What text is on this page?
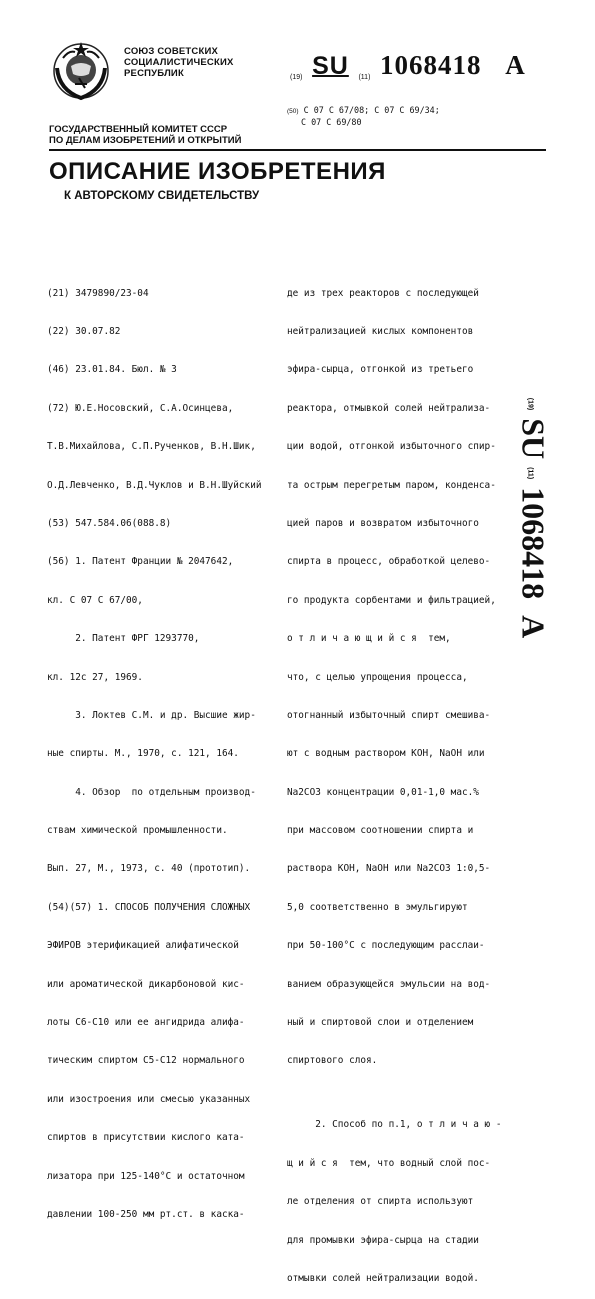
СОЮЗ СОВЕТСКИХ
СОЦИАЛИСТИЧЕСКИХ
РЕСПУБЛИК	(19) SU (11) 1068418 A
(50) С 07 С 67/08; С 07 С 69/34;
С 07 С 69/80
ГОСУДАРСТВЕННЫЙ КОМИТЕТ СССР
ПО ДЕЛАМ ИЗОБРЕТЕНИЙ И ОТКРЫТИЙ
ОПИСАНИЕ ИЗОБРЕТЕНИЯ
К АВТОРСКОМУ СВИДЕТЕЛЬСТВУ

(21) 3479890/23-04

(22) 30.07.82

(46) 23.01.84. Бюл. № 3

(72) Ю.Е.Носовский, С.А.Осинцева,

Т.В.Михайлова, С.П.Рученков, В.Н.Шик,

О.Д.Левченко, В.Д.Чуклов и В.Н.Шуйский

(53) 547.584.06(088.8)

(56) 1. Патент Франции № 2047642,

кл. С 07 С 67/00,

2. Патент ФРГ 1293770,

кл. 12с 27, 1969.

3. Локтев С.М. и др. Высшие жир-

ные спирты. М., 1970, с. 121, 164.

4. Обзор  по отдельным производ-

ствам химической промышленности.

Вып. 27, М., 1973, с. 40 (прототип).

(54)(57) 1. СПОСОБ ПОЛУЧЕНИЯ СЛОЖНЫХ

ЭФИРОВ этерификацией алифатической

или ароматической дикарбоновой кис-

лоты С6-С10 или ее ангидрида алифа-

тическим спиртом С5-С12 нормального

или изостроения или смесью указанных

спиртов в присутствии кислого ката-

лизатора при 125-140°С и остаточном

давлении 100-250 мм рт.ст. в каска-

де из трех реакторов с последующей

нейтрализацией кислых компонентов

эфира-сырца, отгонкой из третьего

реактора, отмывкой солей нейтрализа-

ции водой, отгонкой избыточного спир-

та острым перегретым паром, конденса-

цией паров и возвратом избыточного

спирта в процесс, обработкой целево-

го продукта сорбентами и фильтрацией,

о т л и ч а ю щ и й с я  тем,

что, с целью упрощения процесса,

отогнанный избыточный спирт смешива-

ют с водным раствором KOH, NaOH или

Na2CO3 концентрации 0,01-1,0 мас.%

при массовом соотношении спирта и

раствора KOH, NaOH или Na2CO3 1:0,5-

5,0 соответственно в эмульгируют

при 50-100°С с последующим расслаи-

ванием образующейся эмульсии на вод-

ный и спиртовой слои и отделением

спиртового слоя.

2. Способ по п.1, о т л и ч а ю -

щ и й с я  тем, что водный слой пос-

ле отделения от спирта используют

для промывки эфира-сырца на стадии

отмывки солей нейтрализации водой.

(19) SU (11) 1068418 A
